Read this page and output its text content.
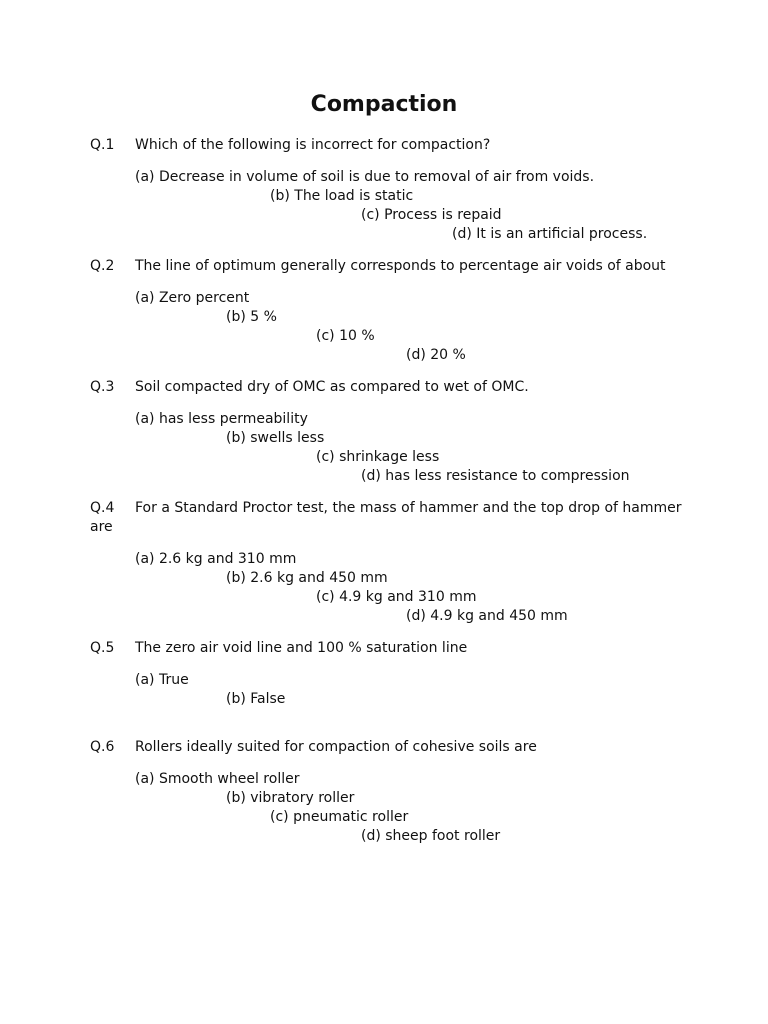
Compaction
Q.1 Which of the following is incorrect for compaction?
(a) Decrease in volume of soil is due to removal of air from voids.
(b) The load is static
(c) Process is repaid
(d) It is an artificial process.
Q.2 The line of optimum generally corresponds to percentage air voids of about
(a) Zero percent
(b) 5 %
(c) 10 %
(d) 20 %
Q.3 Soil compacted dry of OMC as compared to wet of OMC.
(a) has less permeability
(b) swells less
(c) shrinkage less
(d) has less resistance to compression
Q.4 For a Standard Proctor test, the mass of hammer and the top drop of hammer
are
(a) 2.6 kg and 310 mm
(b) 2.6 kg and 450 mm
(c) 4.9 kg and 310 mm
(d) 4.9 kg and 450 mm
Q.5 The zero air void line and 100 % saturation line
(a) True
(b) False
Q.6 Rollers ideally suited for compaction of cohesive soils are
(a) Smooth wheel roller
(b) vibratory roller
(c) pneumatic roller
(d) sheep foot roller
